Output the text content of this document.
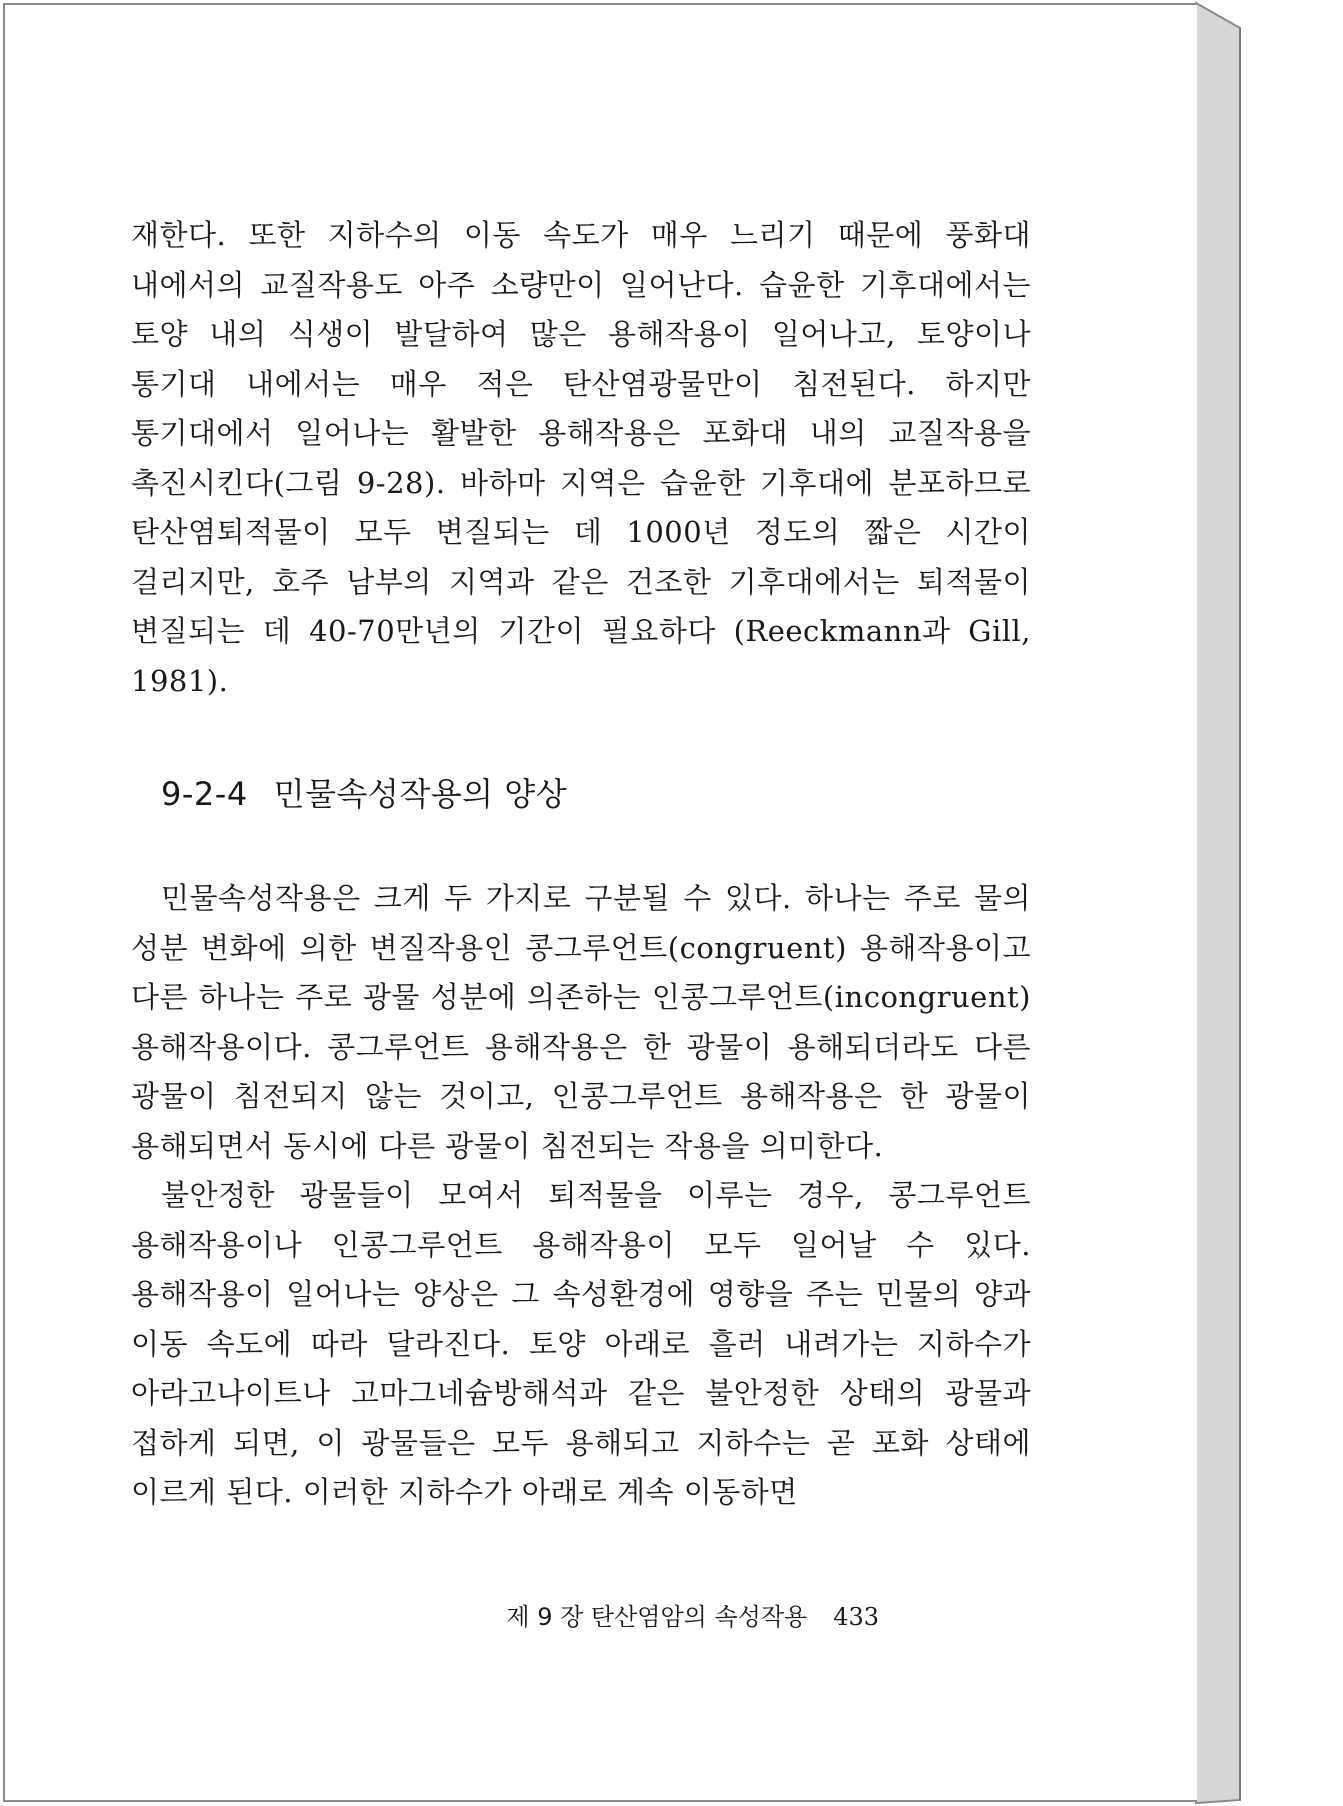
재한다. 또한 지하수의 이동 속도가 매우 느리기 때문에 풍화대 내에서의 교질작용도 아주 소량만이 일어난다. 습윤한 기후대에서는 토양 내의 식생이 발달하여 많은 용해작용이 일어나고, 토양이나 통기대 내에서는 매우 적은 탄산염광물만이 침전된다. 하지만 통기대에서 일어나는 활발한 용해작용은 포화대 내의 교질작용을 촉진시킨다(그림 9-28). 바하마 지역은 습윤한 기후대에 분포하므로 탄산염퇴적물이 모두 변질되는 데 1000년 정도의 짧은 시간이 걸리지만, 호주 남부의 지역과 같은 건조한 기후대에서는 퇴적물이 변질되는 데 40-70만년의 기간이 필요하다 (Reeckmann과 Gill, 1981).

9-2-4 민물속성작용의 양상

민물속성작용은 크게 두 가지로 구분될 수 있다. 하나는 주로 물의 성분 변화에 의한 변질작용인 콩그루언트(congruent) 용해작용이고 다른 하나는 주로 광물 성분에 의존하는 인콩그루언트(incongruent) 용해작용이다. 콩그루언트 용해작용은 한 광물이 용해되더라도 다른 광물이 침전되지 않는 것이고, 인콩그루언트 용해작용은 한 광물이 용해되면서 동시에 다른 광물이 침전되는 작용을 의미한다.

불안정한 광물들이 모여서 퇴적물을 이루는 경우, 콩그루언트 용해작용이나 인콩그루언트 용해작용이 모두 일어날 수 있다. 용해작용이 일어나는 양상은 그 속성환경에 영향을 주는 민물의 양과 이동 속도에 따라 달라진다. 토양 아래로 흘러 내려가는 지하수가 아라고나이트나 고마그네슘방해석과 같은 불안정한 상태의 광물과 접하게 되면, 이 광물들은 모두 용해되고 지하수는 곧 포화 상태에 이르게 된다. 이러한 지하수가 아래로 계속 이동하면

제 9 장 탄산염암의 속성작용 433
